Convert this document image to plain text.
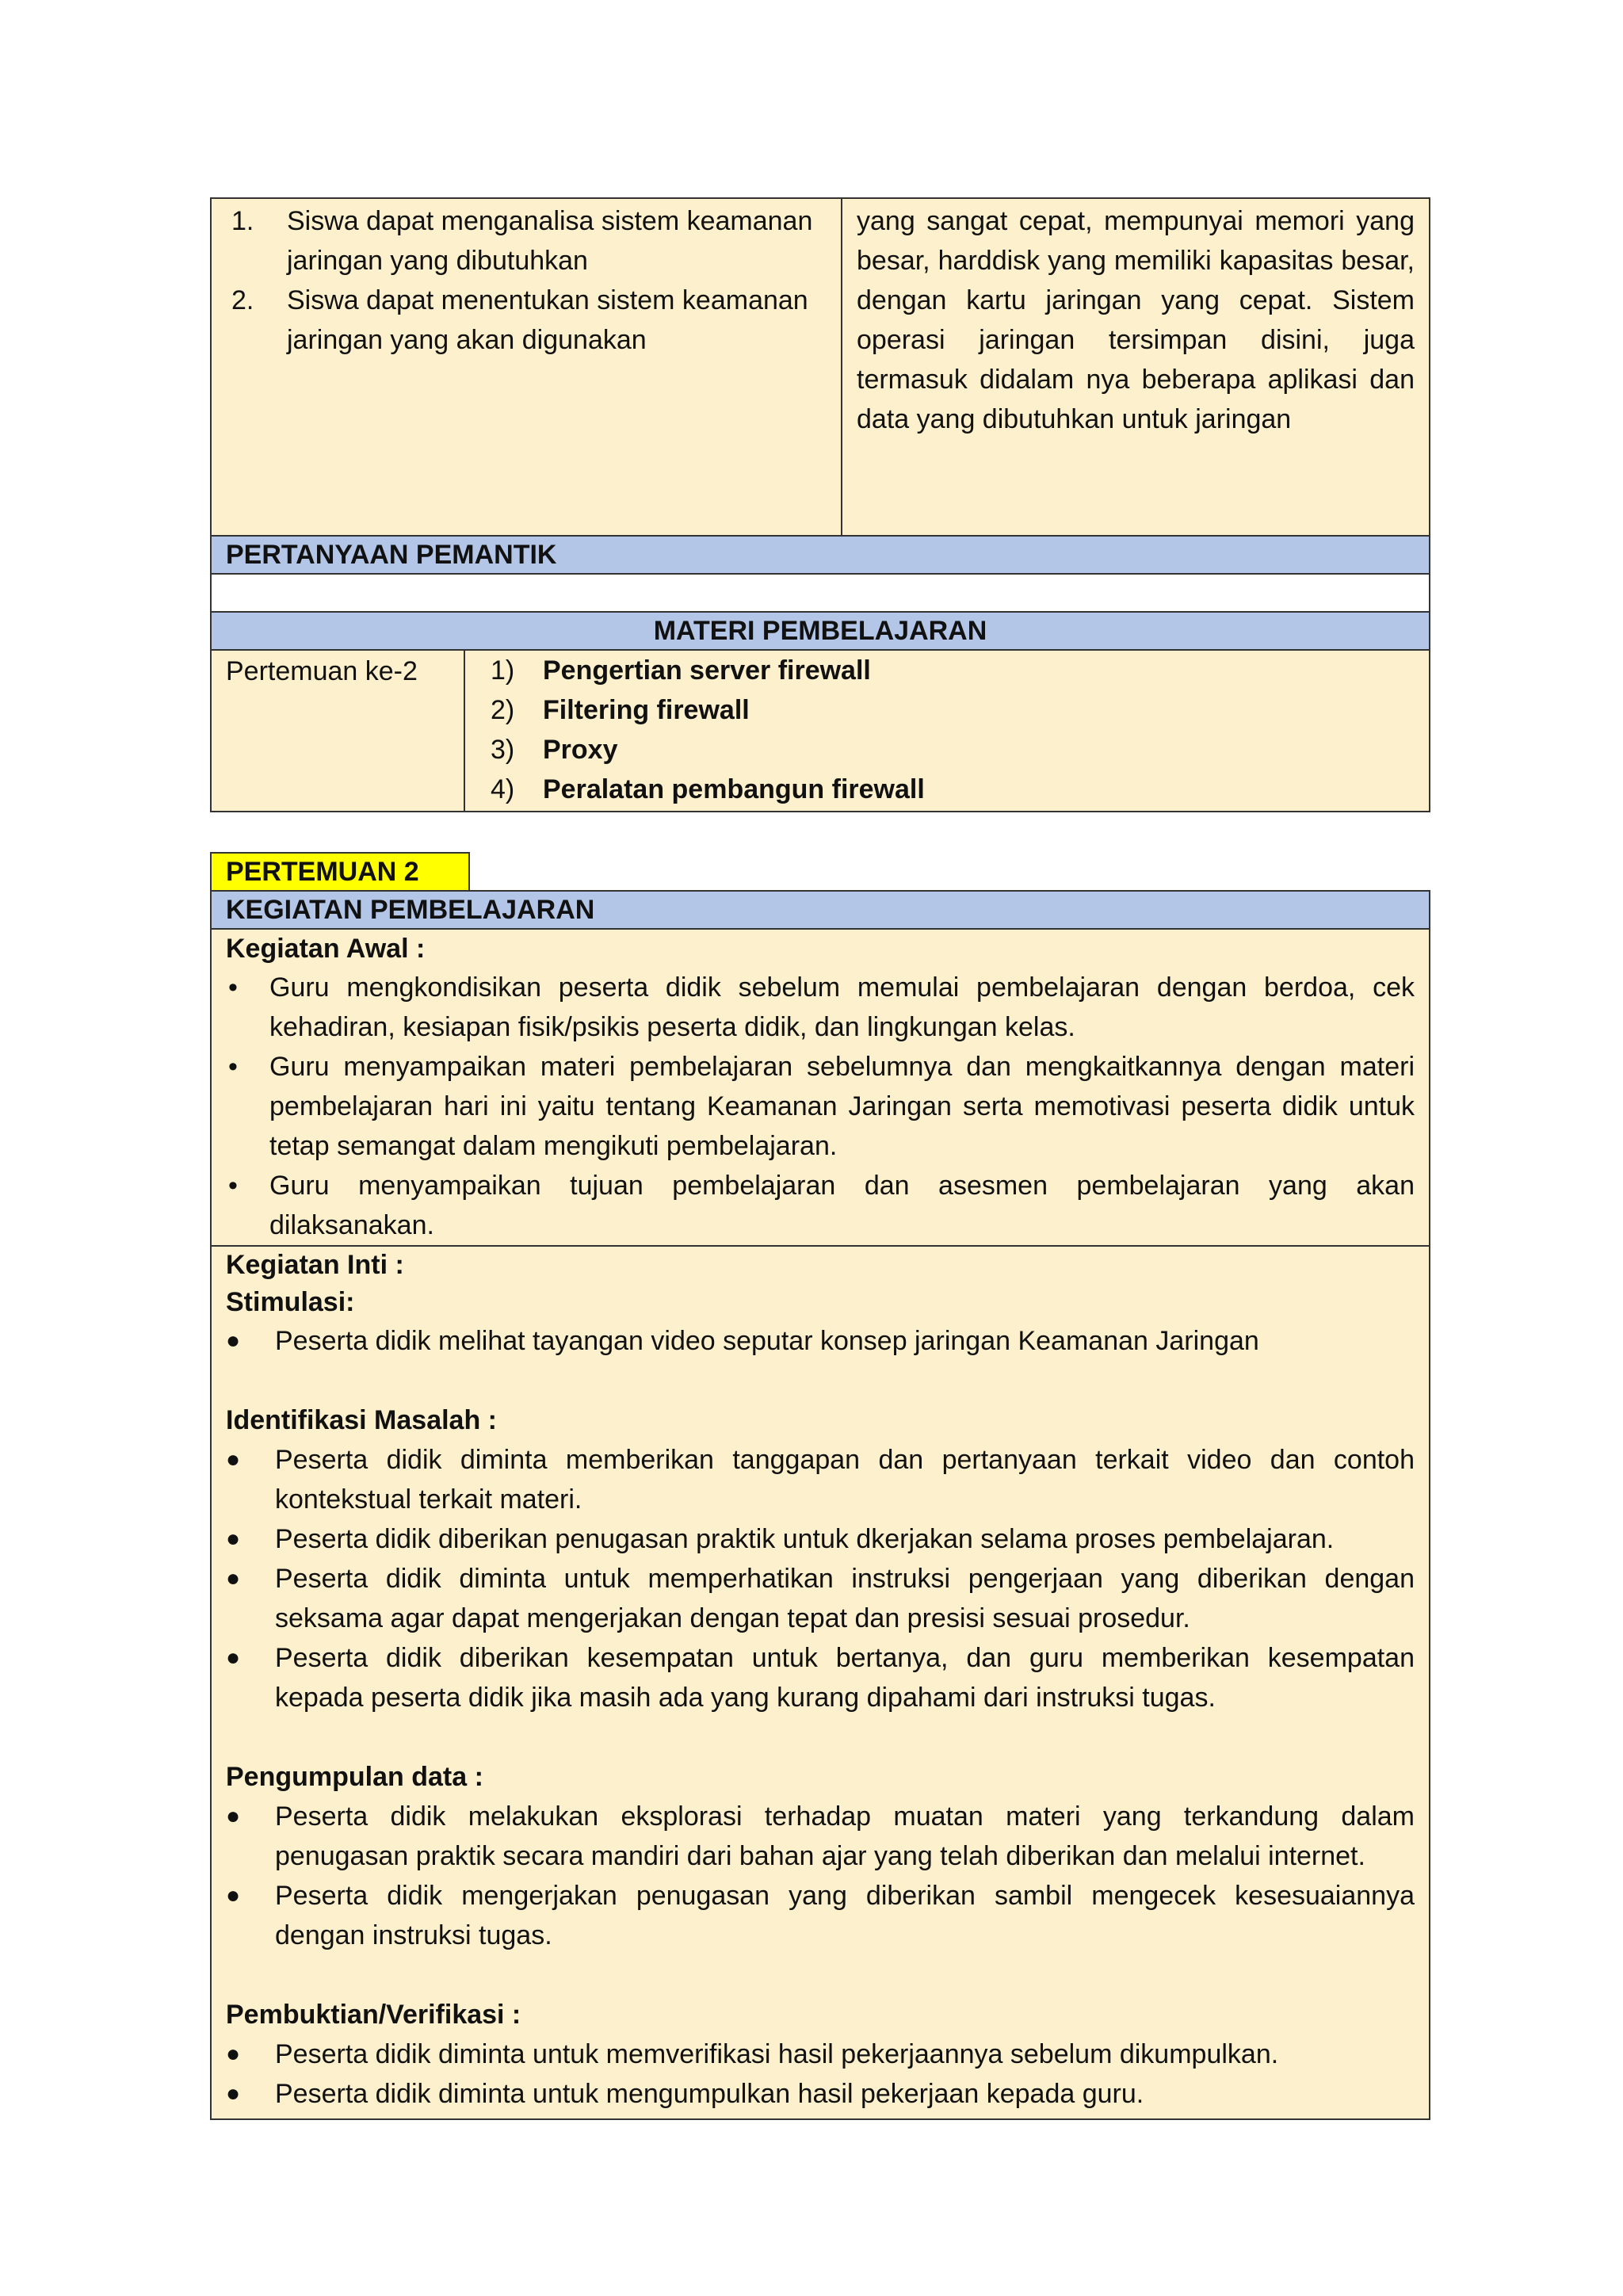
1. Siswa dapat menganalisa sistem keamanan jaringan yang dibutuhkan
2. Siswa dapat menentukan sistem keamanan jaringan yang akan digunakan
yang sangat cepat, mempunyai memori yang besar, harddisk yang memiliki kapasitas besar, dengan kartu jaringan yang cepat. Sistem operasi jaringan tersimpan disini, juga termasuk didalam nya beberapa aplikasi dan data yang dibutuhkan untuk jaringan
PERTANYAAN PEMANTIK
MATERI PEMBELAJARAN
Pertemuan ke-2	1) Pengertian server firewall
2) Filtering firewall
3) Proxy
4) Peralatan pembangun firewall
PERTEMUAN 2
KEGIATAN PEMBELAJARAN
Kegiatan Awal :
• Guru mengkondisikan peserta didik sebelum memulai pembelajaran dengan berdoa, cek kehadiran, kesiapan fisik/psikis peserta didik, dan lingkungan kelas.
• Guru menyampaikan materi pembelajaran sebelumnya dan mengkaitkannya dengan materi pembelajaran hari ini yaitu tentang Keamanan Jaringan serta memotivasi peserta didik untuk tetap semangat dalam mengikuti pembelajaran.
• Guru menyampaikan tujuan pembelajaran dan asesmen pembelajaran yang akan dilaksanakan.
Kegiatan Inti :
Stimulasi:
● Peserta didik melihat tayangan video seputar konsep jaringan Keamanan Jaringan
Identifikasi Masalah :
● Peserta didik diminta memberikan tanggapan dan pertanyaan terkait video dan contoh kontekstual terkait materi.
● Peserta didik diberikan penugasan praktik untuk dkerjakan selama proses pembelajaran.
● Peserta didik diminta untuk memperhatikan instruksi pengerjaan yang diberikan dengan seksama agar dapat mengerjakan dengan tepat dan presisi sesuai prosedur.
● Peserta didik diberikan kesempatan untuk bertanya, dan guru memberikan kesempatan kepada peserta didik jika masih ada yang kurang dipahami dari instruksi tugas.
Pengumpulan data :
● Peserta didik melakukan eksplorasi terhadap muatan materi yang terkandung dalam penugasan praktik secara mandiri dari bahan ajar yang telah diberikan dan melalui internet.
● Peserta didik mengerjakan penugasan yang diberikan sambil mengecek kesesuaiannya dengan instruksi tugas.
Pembuktian/Verifikasi :
● Peserta didik diminta untuk memverifikasi hasil pekerjaannya sebelum dikumpulkan.
● Peserta didik diminta untuk mengumpulkan hasil pekerjaan kepada guru.
